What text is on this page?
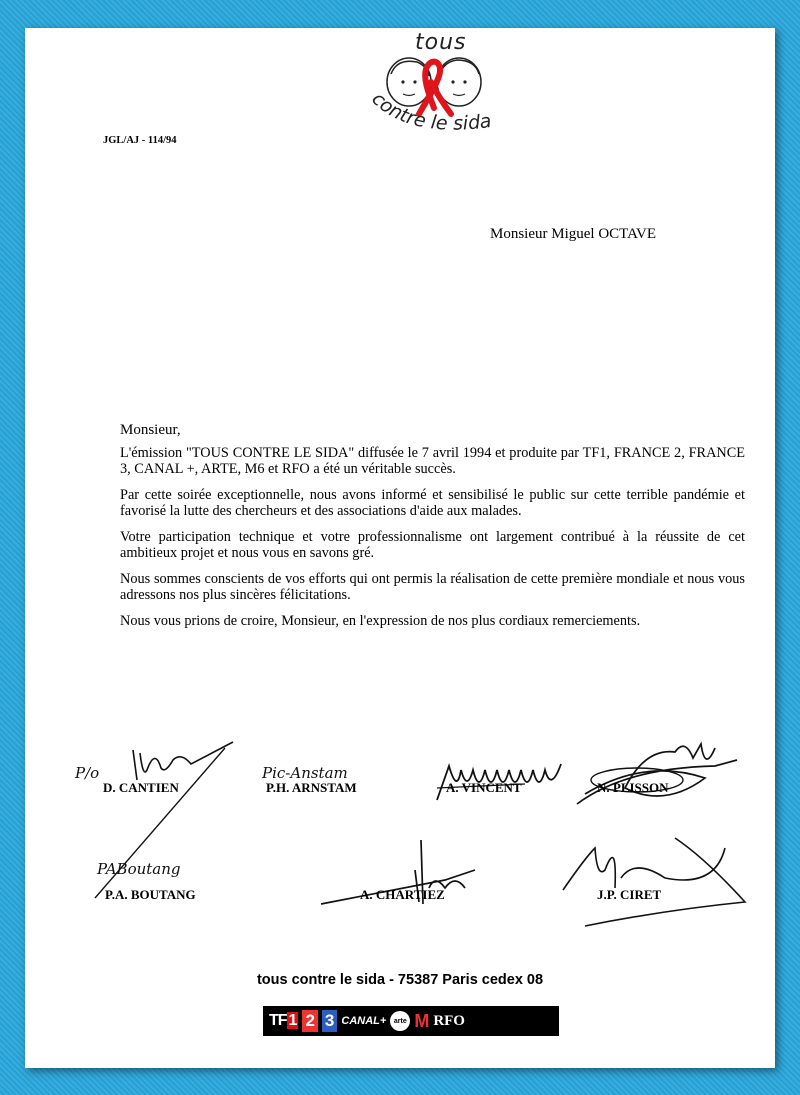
tous
contre le sida
JGL/AJ - 114/94
Monsieur Miguel OCTAVE
Monsieur,

L'émission "TOUS CONTRE LE SIDA" diffusée le 7 avril 1994 et produite par TF1, FRANCE 2, FRANCE 3, CANAL +, ARTE, M6 et RFO a été un véritable succès.

Par cette soirée exceptionnelle, nous avons informé et sensibilisé le public sur cette terrible pandémie et favorisé la lutte des chercheurs et des associations d'aide aux malades.

Votre participation technique et votre professionnalisme ont largement contribué à la réussite de cet ambitieux projet et nous vous en savons gré.

Nous sommes conscients de vos efforts qui ont permis la réalisation de cette première mondiale et nous vous adressons nos plus sincères félicitations.

Nous vous prions de croire, Monsieur, en l'expression de nos plus cordiaux remerciements.

P/o	Pic-Anstam
PABoutang
D. CANTIEN	P.H. ARNSTAM	A. VINCENT	N. PLISSON
P.A. BOUTANG	A. CHARTIEZ	J.P. CIRET
tous contre le sida - 75387 Paris cedex 08
TF 1 2 3 CANAL+	arte M RFO
